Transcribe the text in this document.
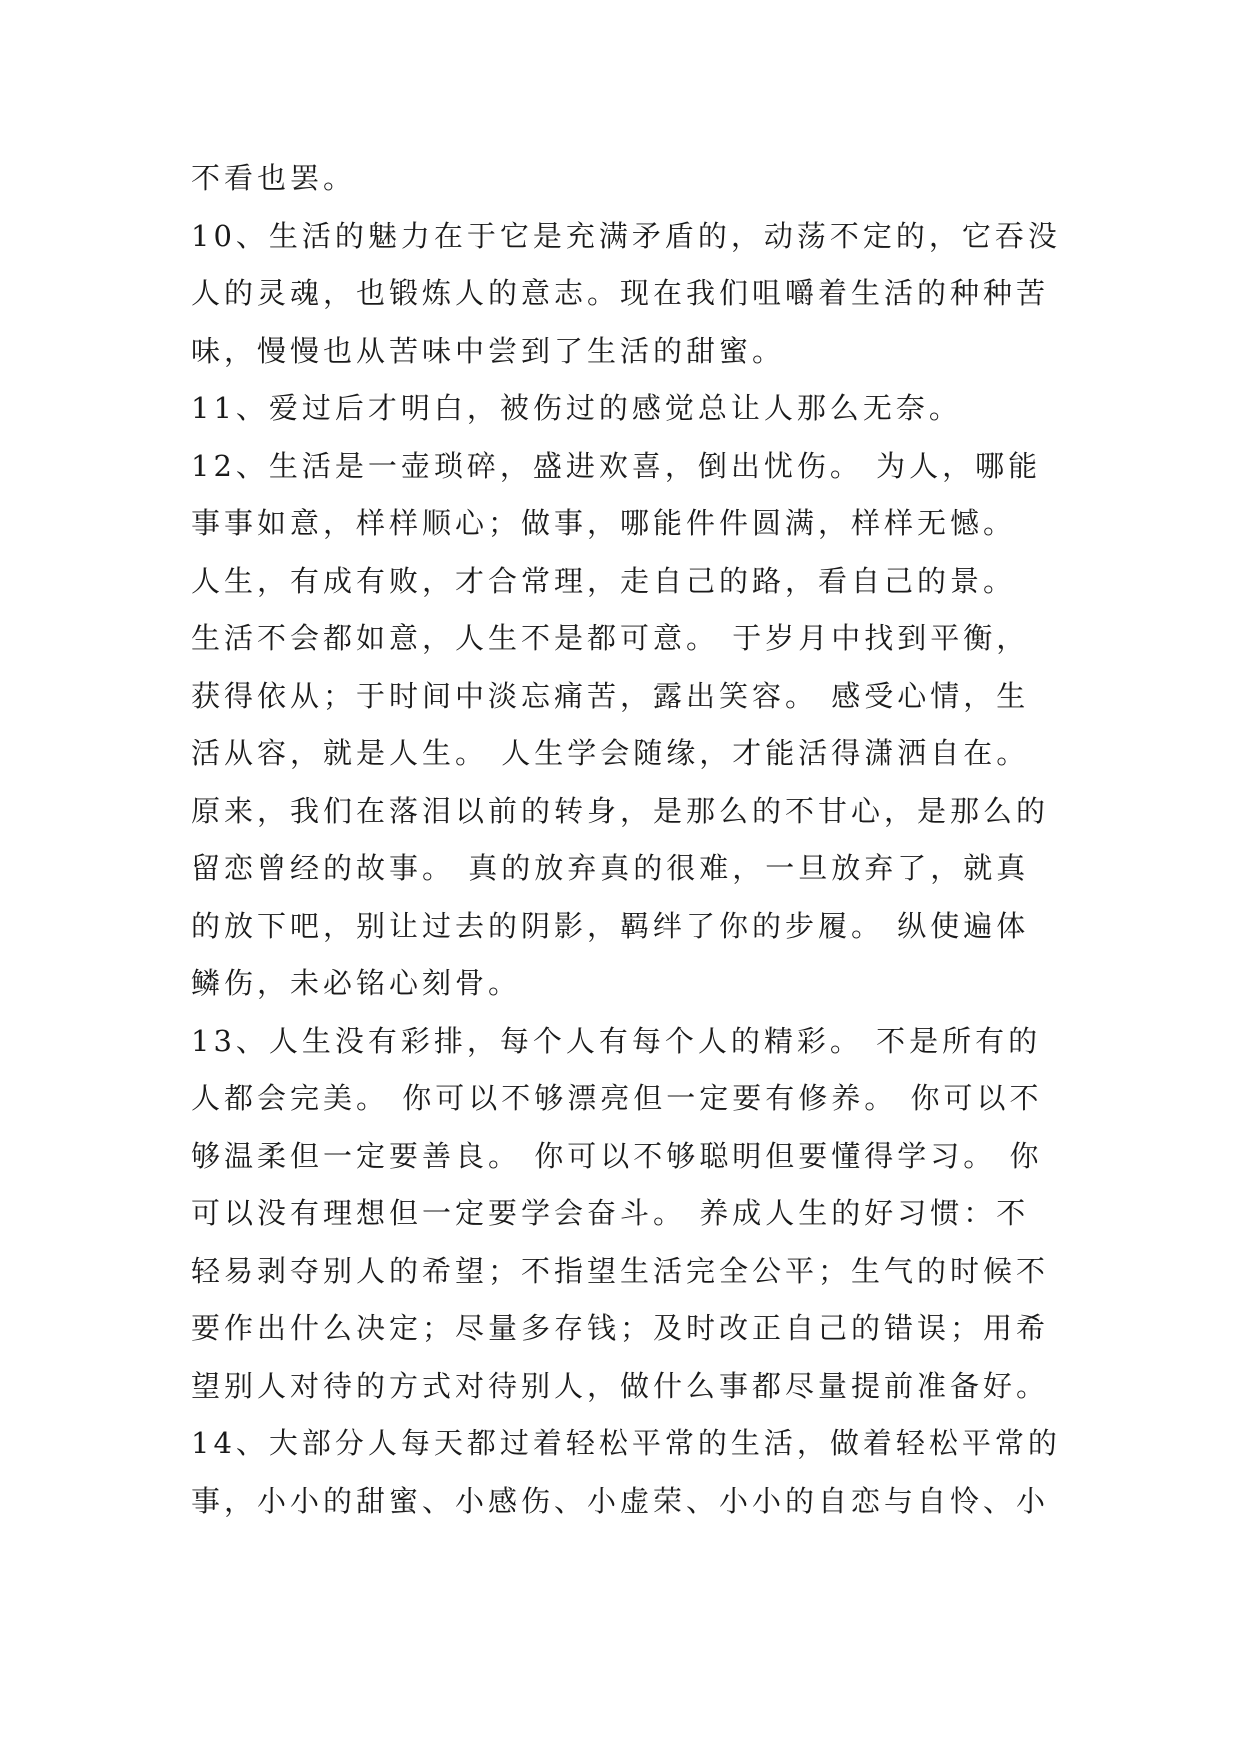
不看也罢。
10、生活的魅力在于它是充满矛盾的，动荡不定的，它吞没
人的灵魂，也锻炼人的意志。现在我们咀嚼着生活的种种苦
味，慢慢也从苦味中尝到了生活的甜蜜。
11、爱过后才明白，被伤过的感觉总让人那么无奈。
12、生活是一壶琐碎，盛进欢喜，倒出忧伤。 为人，哪能
事事如意，样样顺心；做事，哪能件件圆满，样样无憾。
人生，有成有败，才合常理，走自己的路，看自己的景。
生活不会都如意，人生不是都可意。 于岁月中找到平衡，
获得依从；于时间中淡忘痛苦，露出笑容。 感受心情，生
活从容，就是人生。 人生学会随缘，才能活得潇洒自在。
原来，我们在落泪以前的转身，是那么的不甘心，是那么的
留恋曾经的故事。 真的放弃真的很难，一旦放弃了，就真
的放下吧，别让过去的阴影，羁绊了你的步履。 纵使遍体
鳞伤，未必铭心刻骨。
13、人生没有彩排，每个人有每个人的精彩。 不是所有的
人都会完美。 你可以不够漂亮但一定要有修养。 你可以不
够温柔但一定要善良。 你可以不够聪明但要懂得学习。 你
可以没有理想但一定要学会奋斗。 养成人生的好习惯：不
轻易剥夺别人的希望；不指望生活完全公平；生气的时候不
要作出什么决定；尽量多存钱；及时改正自己的错误；用希
望别人对待的方式对待别人，做什么事都尽量提前准备好。
14、大部分人每天都过着轻松平常的生活，做着轻松平常的
事，小小的甜蜜、小感伤、小虚荣、小小的自恋与自怜、小
